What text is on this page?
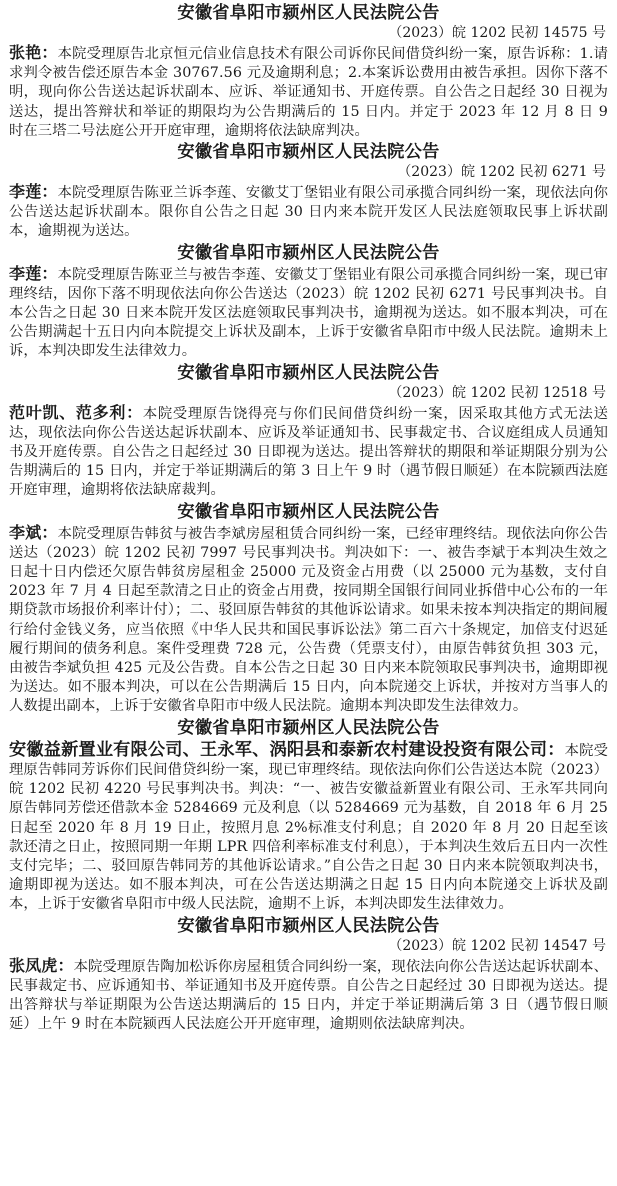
安徽省阜阳市颍州区人民法院公告
（2023）皖 1202 民初 14575 号
张艳：本院受理原告北京恒元信业信息技术有限公司诉你民间借贷纠纷一案，原告诉称：1.请求判令被告偿还原告本金 30767.56 元及逾期利息；2.本案诉讼费用由被告承担。因你下落不明，现向你公告送达起诉状副本、应诉、举证通知书、开庭传票。自公告之日起经 30 日视为送达，提出答辩状和举证的期限均为公告期满后的 15 日内。并定于 2023 年 12 月 8 日 9 时在三塔二号法庭公开开庭审理，逾期将依法缺席判决。
安徽省阜阳市颍州区人民法院公告
（2023）皖 1202 民初 6271 号
李莲：本院受理原告陈亚兰诉李莲、安徽艾丁堡铝业有限公司承揽合同纠纷一案，现依法向你公告送达起诉状副本。限你自公告之日起 30 日内来本院开发区人民法庭领取民事上诉状副本，逾期视为送达。
安徽省阜阳市颍州区人民法院公告
李莲：本院受理原告陈亚兰与被告李莲、安徽艾丁堡铝业有限公司承揽合同纠纷一案，现已审理终结，因你下落不明现依法向你公告送达（2023）皖 1202 民初 6271 号民事判决书。自本公告之日起 30 日来本院开发区法庭领取民事判决书，逾期视为送达。如不服本判决，可在公告期满起十五日内向本院提交上诉状及副本，上诉于安徽省阜阳市中级人民法院。逾期未上诉，本判决即发生法律效力。
安徽省阜阳市颍州区人民法院公告
（2023）皖 1202 民初 12518 号
范叶凯、范多利：本院受理原告饶得亮与你们民间借贷纠纷一案，因采取其他方式无法送达，现依法向你公告送达起诉状副本、应诉及举证通知书、民事裁定书、合议庭组成人员通知书及开庭传票。自公告之日起经过 30 日即视为送达。提出答辩状的期限和举证期限分别为公告期满后的 15 日内，并定于举证期满后的第 3 日上午 9 时（遇节假日顺延）在本院颍西法庭开庭审理，逾期将依法缺席裁判。
安徽省阜阳市颍州区人民法院公告
李斌：本院受理原告韩贫与被告李斌房屋租赁合同纠纷一案，已经审理终结。现依法向你公告送达（2023）皖 1202 民初 7997 号民事判决书。判决如下：一、被告李斌于本判决生效之日起十日内偿还欠原告韩贫房屋租金 25000 元及资金占用费（以 25000 元为基数，支付自 2023 年 7 月 4 日起至款清之日止的资金占用费，按同期全国银行间同业拆借中心公布的一年期贷款市场报价利率计付）；二、驳回原告韩贫的其他诉讼请求。如果未按本判决指定的期间履行给付金钱义务，应当依照《中华人民共和国民事诉讼法》第二百六十条规定，加倍支付迟延履行期间的债务利息。案件受理费 728 元，公告费（凭票支付），由原告韩贫负担 303 元，由被告李斌负担 425 元及公告费。自本公告之日起 30 日内来本院领取民事判决书，逾期即视为送达。如不服本判决，可以在公告期满后 15 日内，向本院递交上诉状，并按对方当事人的人数提出副本，上诉于安徽省阜阳市中级人民法院。逾期本判决即发生法律效力。
安徽省阜阳市颍州区人民法院公告
安徽益新置业有限公司、王永军、涡阳县和泰新农村建设投资有限公司：本院受理原告韩同芳诉你们民间借贷纠纷一案，现已审理终结。现依法向你们公告送达本院（2023）皖 1202 民初 4220 号民事判决书。判决：“一、被告安徽益新置业有限公司、王永军共同向原告韩同芳偿还借款本金 5284669 元及利息（以 5284669 元为基数，自 2018 年 6 月 25 日起至 2020 年 8 月 19 日止，按照月息 2%标准支付利息；自 2020 年 8 月 20 日起至该款还清之日止，按照同期一年期 LPR 四倍利率标准支付利息），于本判决生效后五日内一次性支付完毕；二、驳回原告韩同芳的其他诉讼请求。”自公告之日起 30 日内来本院领取判决书，逾期即视为送达。如不服本判决，可在公告送达期满之日起 15 日内向本院递交上诉状及副本，上诉于安徽省阜阳市中级人民法院，逾期不上诉，本判决即发生法律效力。
安徽省阜阳市颍州区人民法院公告
（2023）皖 1202 民初 14547 号
张凤虎：本院受理原告陶加松诉你房屋租赁合同纠纷一案，现依法向你公告送达起诉状副本、民事裁定书、应诉通知书、举证通知书及开庭传票。自公告之日起经过 30 日即视为送达。提出答辩状与举证期限为公告送达期满后的 15 日内，并定于举证期满后第 3 日（遇节假日顺延）上午 9 时在本院颍西人民法庭公开开庭审理，逾期则依法缺席判决。
